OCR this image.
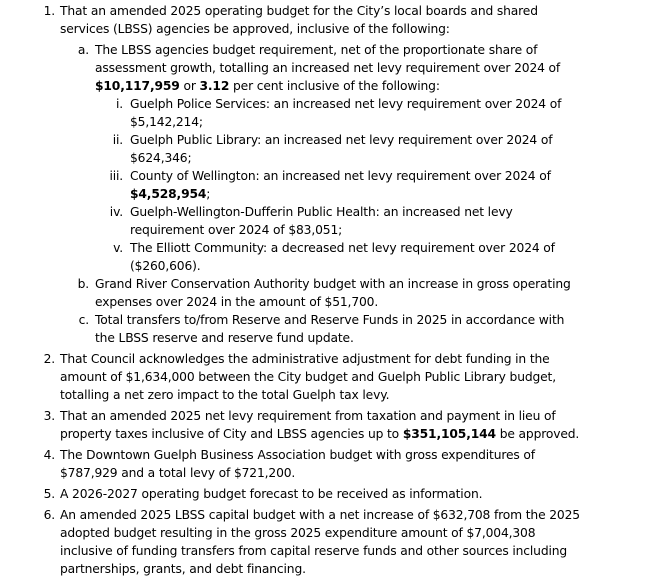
1. That an amended 2025 operating budget for the City’s local boards and shared
services (LBSS) agencies be approved, inclusive of the following:
a. The LBSS agencies budget requirement, net of the proportionate share of
assessment growth, totalling an increased net levy requirement over 2024 of
$10,117,959 or 3.12 per cent inclusive of the following:
i. Guelph Police Services: an increased net levy requirement over 2024 of
$5,142,214;
ii. Guelph Public Library: an increased net levy requirement over 2024 of
$624,346;
iii. County of Wellington: an increased net levy requirement over 2024 of
$4,528,954;
iv. Guelph-Wellington-Dufferin Public Health: an increased net levy
requirement over 2024 of $83,051;
v. The Elliott Community: a decreased net levy requirement over 2024 of
($260,606).
b. Grand River Conservation Authority budget with an increase in gross operating
expenses over 2024 in the amount of $51,700.
c. Total transfers to/from Reserve and Reserve Funds in 2025 in accordance with
the LBSS reserve and reserve fund update.
2. That Council acknowledges the administrative adjustment for debt funding in the
amount of $1,634,000 between the City budget and Guelph Public Library budget,
totalling a net zero impact to the total Guelph tax levy.
3. That an amended 2025 net levy requirement from taxation and payment in lieu of
property taxes inclusive of City and LBSS agencies up to $351,105,144 be approved.
4. The Downtown Guelph Business Association budget with gross expenditures of
$787,929 and a total levy of $721,200.
5. A 2026-2027 operating budget forecast to be received as information.
6. An amended 2025 LBSS capital budget with a net increase of $632,708 from the 2025
adopted budget resulting in the gross 2025 expenditure amount of $7,004,308
inclusive of funding transfers from capital reserve funds and other sources including
partnerships, grants, and debt financing.
